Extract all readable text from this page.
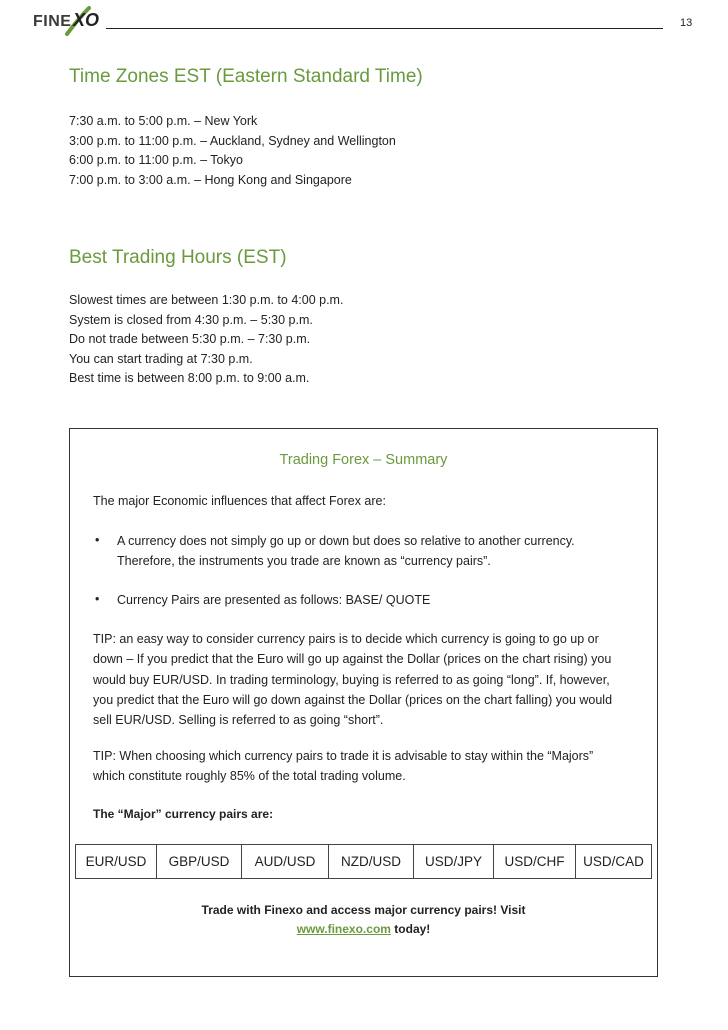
FINE XO	13
Time Zones EST (Eastern Standard Time)
7:30 a.m. to 5:00 p.m. – New York
3:00 p.m. to 11:00 p.m. – Auckland, Sydney and Wellington
6:00 p.m. to 11:00 p.m. – Tokyo
7:00 p.m. to 3:00 a.m. – Hong Kong and Singapore
Best Trading Hours (EST)
Slowest times are between 1:30 p.m. to 4:00 p.m.
System is closed from 4:30 p.m. – 5:30 p.m.
Do not trade between 5:30 p.m. – 7:30 p.m.
You can start trading at 7:30 p.m.
Best time is between 8:00 p.m. to 9:00 a.m.
Trading Forex – Summary
The major Economic influences that affect Forex are:
• A currency does not simply go up or down but does so relative to another currency.
Therefore, the instruments you trade are known as “currency pairs”.
• Currency Pairs are presented as follows: BASE/ QUOTE
TIP: an easy way to consider currency pairs is to decide which currency is going to go up or
down – If you predict that the Euro will go up against the Dollar (prices on the chart rising) you
would buy EUR/USD. In trading terminology, buying is referred to as going “long”. If, however,
you predict that the Euro will go down against the Dollar (prices on the chart falling) you would
sell EUR/USD. Selling is referred to as going “short”.
TIP: When choosing which currency pairs to trade it is advisable to stay within the “Majors”
which constitute roughly 85% of the total trading volume.
The “Major” currency pairs are:
EUR/USD	GBP/USD	AUD/USD	NZD/USD	USD/JPY	USD/CHF	USD/CAD
Trade with Finexo and access major currency pairs! Visit
www.finexo.com today!
